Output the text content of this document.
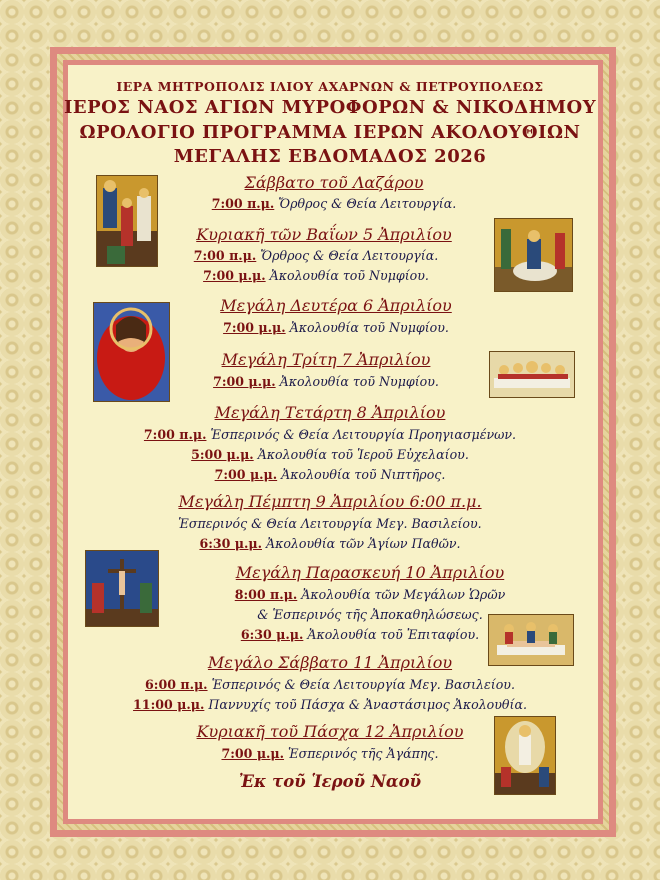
ΙΕΡΑ ΜΗΤΡΟΠΟΛΙΣ ΙΛΙΟΥ ΑΧΑΡΝΩΝ & ΠΕΤΡΟΥΠΟΛΕΩΣ
ΙΕΡΟΣ ΝΑΟΣ ΑΓΙΩΝ ΜΥΡΟΦΟΡΩΝ & ΝΙΚΟΔΗΜΟΥ
ΩΡΟΛΟΓΙΟ ΠΡΟΓΡΑΜΜΑ ΙΕΡΩΝ ΑΚΟΛΟΥΘΙΩΝ
ΜΕΓΑΛΗΣ ΕΒΔΟΜΑΔΟΣ 2026
Σάββατο τοῦ Λαζάρου
7:00 π.μ. Ὄρθρος & Θεία Λειτουργία.
Κυριακῆ τῶν Βαΐων 5 Ἀπριλίου
7:00 π.μ. Ὄρθρος & Θεία Λειτουργία.
7:00 μ.μ. Ἀκολουθία τοῦ Νυμφίου.
Μεγάλη Δευτέρα 6 Ἀπριλίου
7:00 μ.μ. Ἀκολουθία τοῦ Νυμφίου.
Μεγάλη Τρίτη 7 Ἀπριλίου
7:00 μ.μ. Ἀκολουθία τοῦ Νυμφίου.
Μεγάλη Τετάρτη 8 Ἀπριλίου
7:00 π.μ. Ἑσπερινός & Θεία Λειτουργία Προηγιασμένων.
5:00 μ.μ. Ἀκολουθία τοῦ Ἱεροῦ Εὐχελαίου.
7:00 μ.μ. Ἀκολουθία τοῦ Νιπτῆρος.
Μεγάλη Πέμπτη 9 Ἀπριλίου 6:00 π.μ.
Ἑσπερινός & Θεία Λειτουργία Μεγ. Βασιλείου.
6:30 μ.μ. Ἀκολουθία τῶν Ἁγίων Παθῶν.
Μεγάλη Παρασκευή 10 Ἀπριλίου
8:00 π.μ. Ἀκολουθία τῶν Μεγάλων Ὡρῶν
& Ἑσπερινός τῆς Ἀποκαθηλώσεως.
6:30 μ.μ. Ἀκολουθία τοῦ Ἐπιταφίου.
Μεγάλο Σάββατο 11 Ἀπριλίου
6:00 π.μ. Ἑσπερινός & Θεία Λειτουργία Μεγ. Βασιλείου.
11:00 μ.μ. Παννυχίς τοῦ Πάσχα & Ἀναστάσιμος Ἀκολουθία.
Κυριακῆ τοῦ Πάσχα 12 Ἀπριλίου
7:00 μ.μ. Ἑσπερινός τῆς Ἀγάπης.
Ἐκ τοῦ Ἱεροῦ Ναοῦ
